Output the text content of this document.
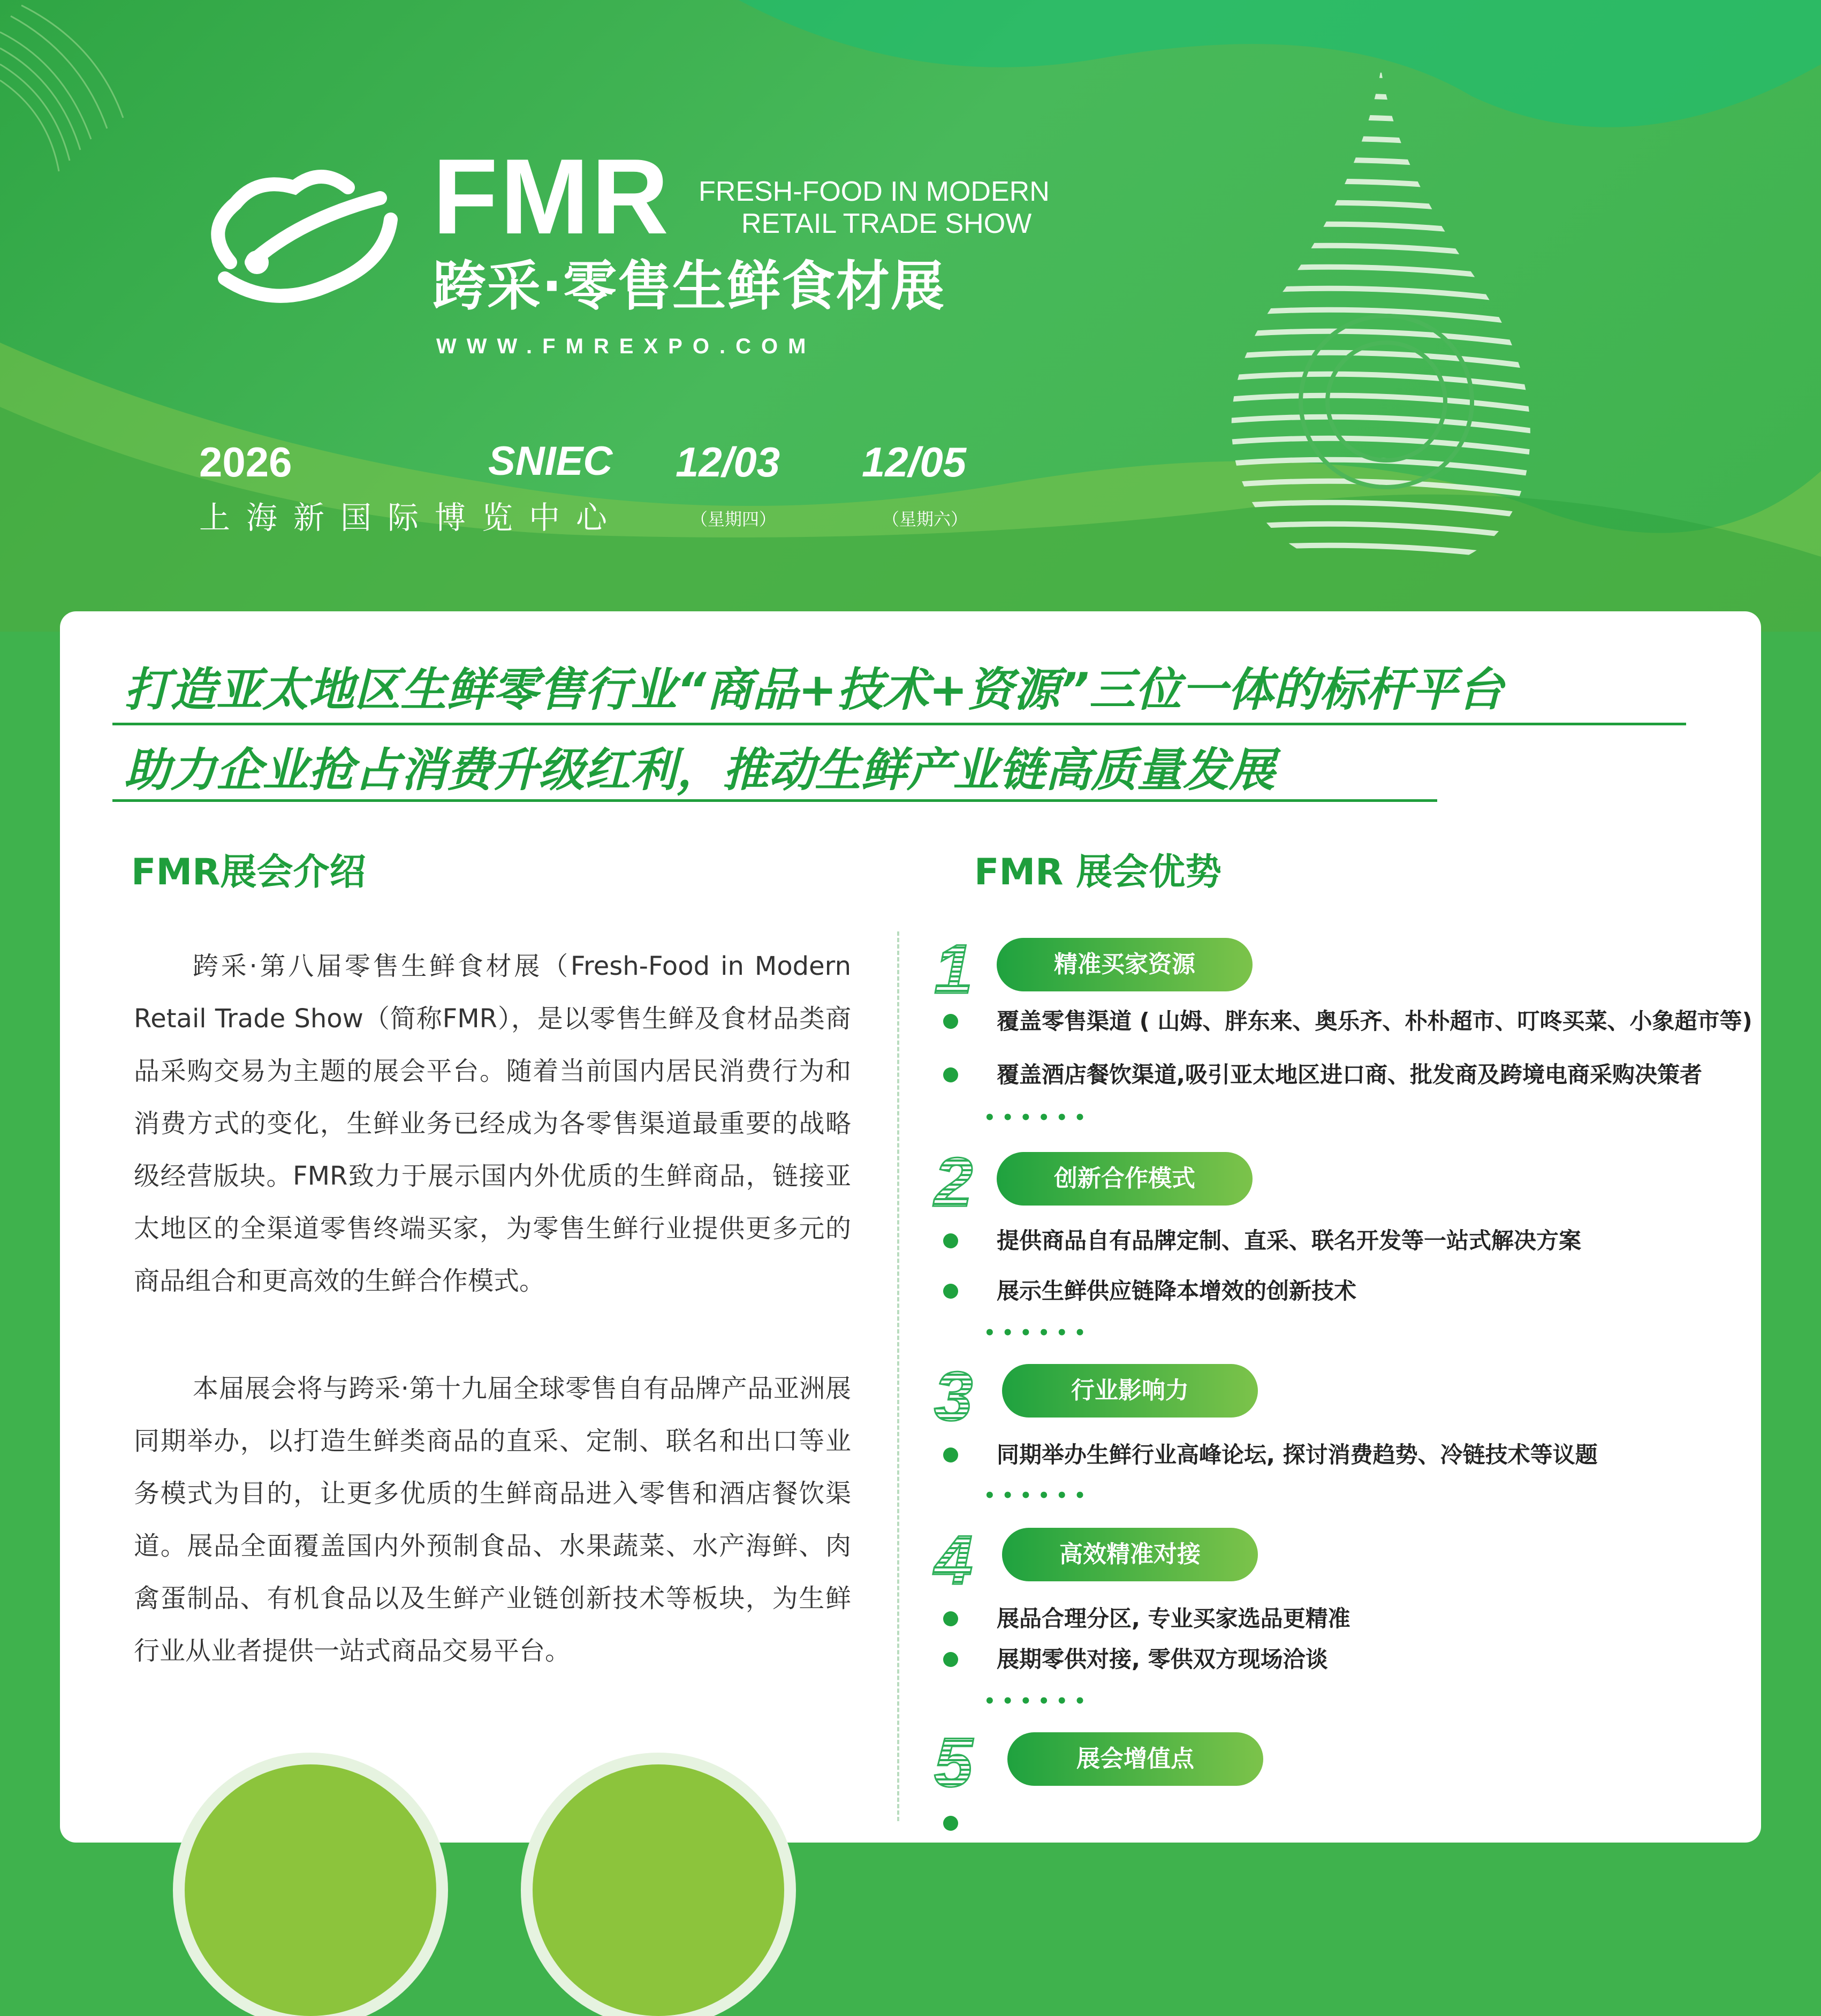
FMR FRESH-FOOD IN MODERN
RETAIL TRADE SHOW
跨采·零售生鲜食材展
WWW.FMREXPO.COM
2026	SNIEC 12/03 12/05
上海新国际博览中心	（星期四）	（星期六）
打造亚太地区生鲜零售行业“商品+技术+资源”三位一体的标杆平台
助力企业抢占消费升级红利，推动生鲜产业链高质量发展
FMR展会介绍	FMR 展会优势

跨采·第八届零售生鲜食材展（Fresh-Food in Modern Retail Trade Show（简称FMR），是以零售生鲜及食材品类商品采购交易为主题的展会平台。随着当前国内居民消费行为和消费方式的变化，生鲜业务已经成为各零售渠道最重要的战略级经营版块。FMR致力于展示国内外优质的生鲜商品，链接亚太地区的全渠道零售终端买家，为零售生鲜行业提供更多元的商品组合和更高效的生鲜合作模式。

本届展会将与跨采·第十九届全球零售自有品牌产品亚洲展同期举办，以打造生鲜类商品的直采、定制、联名和出口等业务模式为目的，让更多优质的生鲜商品进入零售和酒店餐饮渠道。展品全面覆盖国内外预制食品、水果蔬菜、水产海鲜、肉禽蛋制品、有机食品以及生鲜产业链创新技术等板块，为生鲜行业从业者提供一站式商品交易平台。

1	精准买家资源
覆盖零售渠道 ( 山姆、胖东来、奥乐齐、朴朴超市、叮咚买菜、小象超市等)
覆盖酒店餐饮渠道,吸引亚太地区进口商、批发商及跨境电商采购决策者
••••••
2	创新合作模式
提供商品自有品牌定制、直采、联名开发等一站式解决方案
展示生鲜供应链降本增效的创新技术
••••••
3	行业影响力
同期举办生鲜行业高峰论坛, 探讨消费趋势、冷链技术等议题
••••••
4	高效精准对接
展品合理分区, 专业买家选品更精准
展期零供对接, 零供双方现场洽谈
••••••
5	展会增值点
